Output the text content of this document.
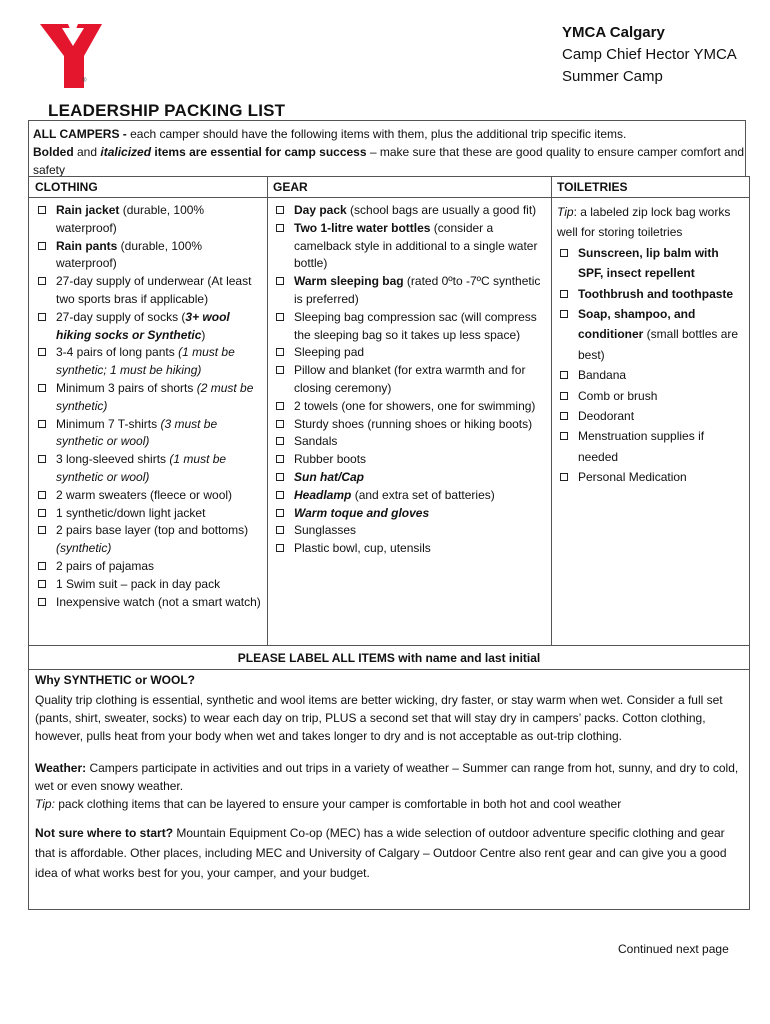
®
YMCA Calgary
Camp Chief Hector YMCA
Summer Camp
LEADERSHIP PACKING LIST
ALL CAMPERS - each camper should have the following items with them, plus the additional trip specific items.
Bolded and italicized items are essential for camp success – make sure that these are good quality to ensure camper comfort and safety
CLOTHING
Rain jacket (durable, 100% waterproof)
Rain pants (durable, 100% waterproof)
27-day supply of underwear (At least two sports bras if applicable)
27-day supply of socks (3+ wool hiking socks or Synthetic)
3-4 pairs of long pants (1 must be synthetic; 1 must be hiking)
Minimum 3 pairs of shorts (2 must be synthetic)
Minimum 7 T-shirts (3 must be synthetic or wool)
3 long-sleeved shirts (1 must be synthetic or wool)
2 warm sweaters (fleece or wool)
1 synthetic/down light jacket
2 pairs base layer (top and bottoms) (synthetic)
2 pairs of pajamas
1 Swim suit – pack in day pack
Inexpensive watch (not a smart watch)
GEAR
Day pack (school bags are usually a good fit)
Two 1-litre water bottles (consider a camelback style in additional to a single water bottle)
Warm sleeping bag (rated 0ºto -7ºC synthetic is preferred)
Sleeping bag compression sac (will compress the sleeping bag so it takes up less space)
Sleeping pad
Pillow and blanket (for extra warmth and for closing ceremony)
2 towels (one for showers, one for swimming)
Sturdy shoes (running shoes or hiking boots)
Sandals
Rubber boots
Sun hat/Cap
Headlamp (and extra set of batteries)
Warm toque and gloves
Sunglasses
Plastic bowl, cup, utensils
TOILETRIES
Tip: a labeled zip lock bag works well for storing toiletries
Sunscreen, lip balm with SPF, insect repellent
Toothbrush and toothpaste
Soap, shampoo, and conditioner (small bottles are best)
Bandana
Comb or brush
Deodorant
Menstruation supplies if needed
Personal Medication
PLEASE LABEL ALL ITEMS with name and last initial

Why SYNTHETIC or WOOL?

Quality trip clothing is essential, synthetic and wool items are better wicking, dry faster, or stay warm when wet. Consider a full set (pants, shirt, sweater, socks) to wear each day on trip, PLUS a second set that will stay dry in campers’ packs. Cotton clothing, however, pulls heat from your body when wet and takes longer to dry and is not acceptable as out-trip clothing.

Weather: Campers participate in activities and out trips in a variety of weather – Summer can range from hot, sunny, and dry to cold, wet or even snowy weather.

Tip: pack clothing items that can be layered to ensure your camper is comfortable in both hot and cool weather

Not sure where to start? Mountain Equipment Co-op (MEC) has a wide selection of outdoor adventure specific clothing and gear that is affordable. Other places, including MEC and University of Calgary – Outdoor Centre also rent gear and can give you a good idea of what works best for you, your camper, and your budget.

Continued next page
